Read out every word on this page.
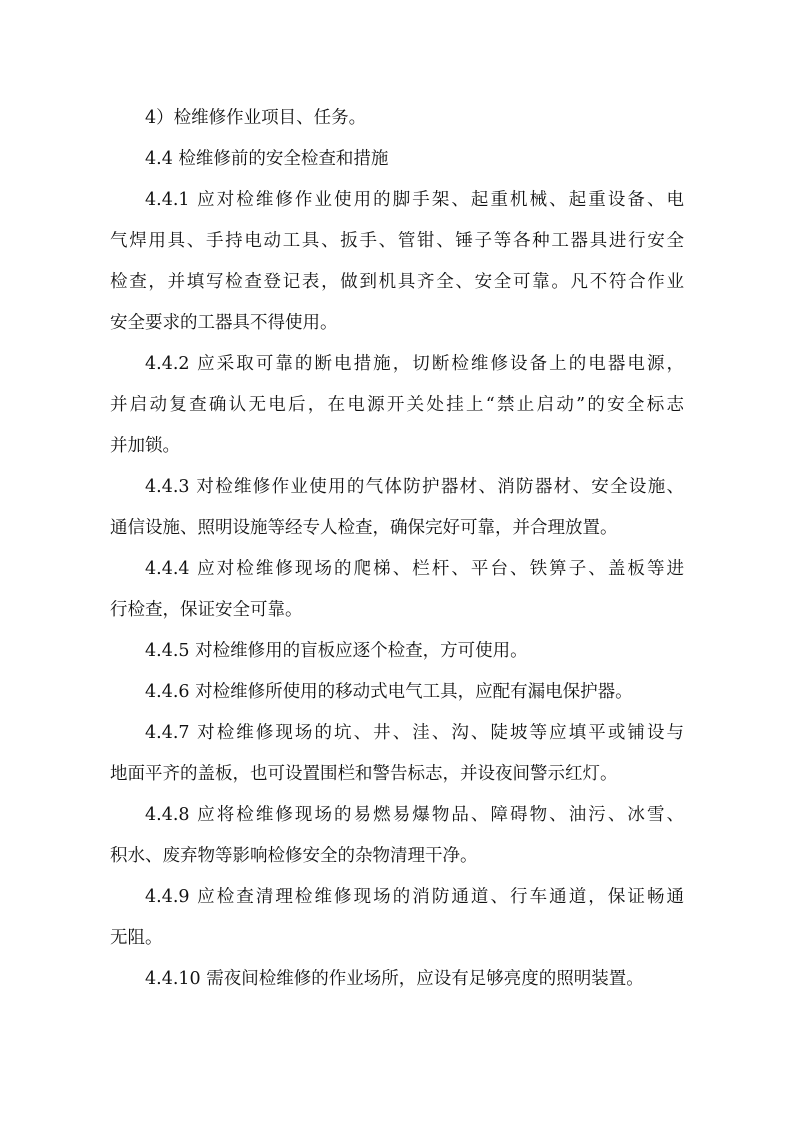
4）检维修作业项目、任务。
4.4 检维修前的安全检查和措施
4.4.1 应对检维修作业使用的脚手架、起重机械、起重设备、电
气焊用具、手持电动工具、扳手、管钳、锤子等各种工器具进行安全
检查，并填写检查登记表，做到机具齐全、安全可靠。凡不符合作业
安全要求的工器具不得使用。
4.4.2 应采取可靠的断电措施，切断检维修设备上的电器电源，
并启动复查确认无电后，在电源开关处挂上“禁止启动”的安全标志
并加锁。
4.4.3 对检维修作业使用的气体防护器材、消防器材、安全设施、
通信设施、照明设施等经专人检查，确保完好可靠，并合理放置。
4.4.4 应对检维修现场的爬梯、栏杆、平台、铁箅子、盖板等进
行检查，保证安全可靠。
4.4.5 对检维修用的盲板应逐个检查，方可使用。
4.4.6 对检维修所使用的移动式电气工具，应配有漏电保护器。
4.4.7 对检维修现场的坑、井、洼、沟、陡坡等应填平或铺设与
地面平齐的盖板，也可设置围栏和警告标志，并设夜间警示红灯。
4.4.8 应将检维修现场的易燃易爆物品、障碍物、油污、冰雪、
积水、废弃物等影响检修安全的杂物清理干净。
4.4.9 应检查清理检维修现场的消防通道、行车通道，保证畅通
无阻。
4.4.10 需夜间检维修的作业场所，应设有足够亮度的照明装置。
